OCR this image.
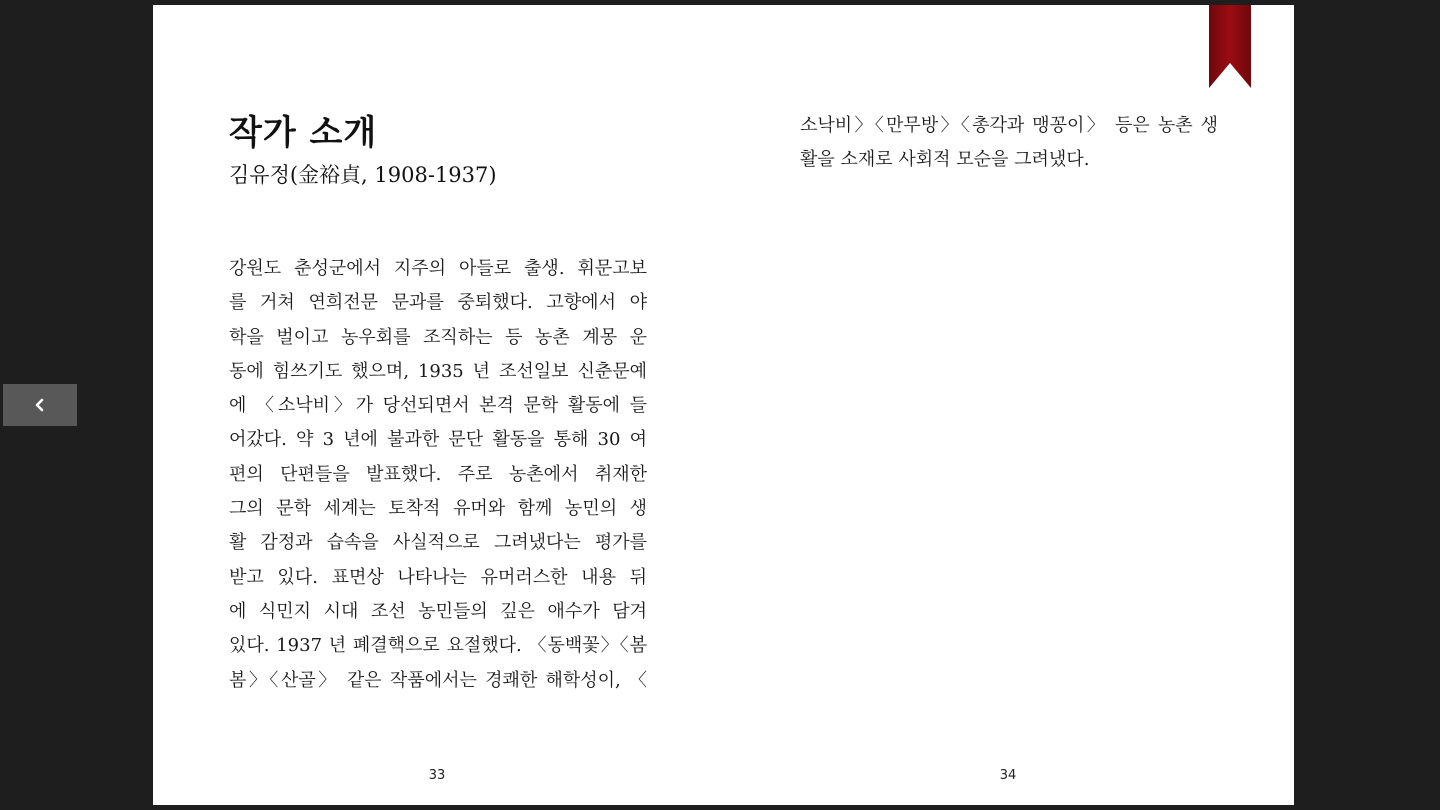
작가 소개
김유정(金裕貞, 1908-1937)
강원도 춘성군에서 지주의 아들로 출생. 휘문고보
를 거쳐 연희전문 문과를 중퇴했다. 고향에서 야
학을 벌이고 농우회를 조직하는 등 농촌 계몽 운
동에 힘쓰기도 했으며, 1935 년 조선일보 신춘문예
에 〈소낙비〉가 당선되면서 본격 문학 활동에 들
어갔다. 약 3 년에 불과한 문단 활동을 통해 30 여
편의 단편들을 발표했다. 주로 농촌에서 취재한
그의 문학 세계는 토착적 유머와 함께 농민의 생
활 감정과 습속을 사실적으로 그려냈다는 평가를
받고 있다. 표면상 나타나는 유머러스한 내용 뒤
에 식민지 시대 조선 농민들의 깊은 애수가 담겨
있다. 1937 년 폐결핵으로 요절했다. 〈동백꽃〉〈봄
봄〉〈산골〉 같은 작품에서는 경쾌한 해학성이, 〈
33
소낙비〉〈만무방〉〈총각과 맹꽁이〉 등은 농촌 생
활을 소재로 사회적 모순을 그려냈다.
34
